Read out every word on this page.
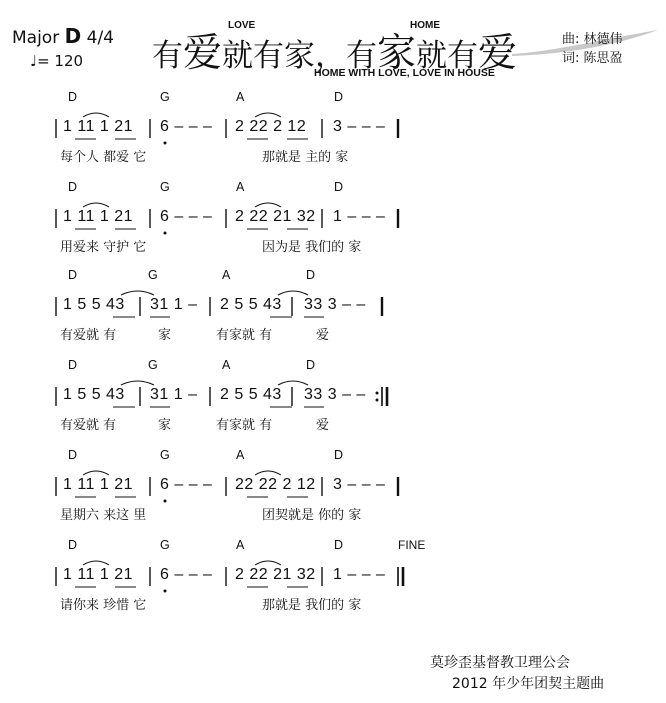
Major D 4/4
♩= 120 有爱就有家，有家就有爱
LOVE	HOME
HOME WITH LOVE, LOVE IN HOUSE
曲: 林德伟
词: 陈思盈
D	G	A	D
1 11 1 21 6 – – – 2 22 2 12 3 – – –
每个人 都爱 它	那就是 主的 家
D	G	A	D
1 11 1 21 6 – – – 2 22 21 32 1 – – –
用爱来 守护 它	因为是 我们的 家
D	G	A	D
1 5 5 43 31 1 – 2 5 5 43 33 3 – –
有爱就 有	家	有家就 有	爱
D	G	A	D
1 5 5 43 31 1 – 2 5 5 43 33 3 – –
有爱就 有	家	有家就 有	爱
D	G	A	D
1 11 1 21 6 – – – 22 22 2 12 3 – – –
星期六 来这 里	团契就是 你的 家
D	G	A	D
1 11 1 21 6 – – – 2 22 21 32 1 – – –
请你来 珍惜 它	那就是 我们的 家
FINE
莫珍歪基督教卫理公会
2012 年少年团契主题曲
